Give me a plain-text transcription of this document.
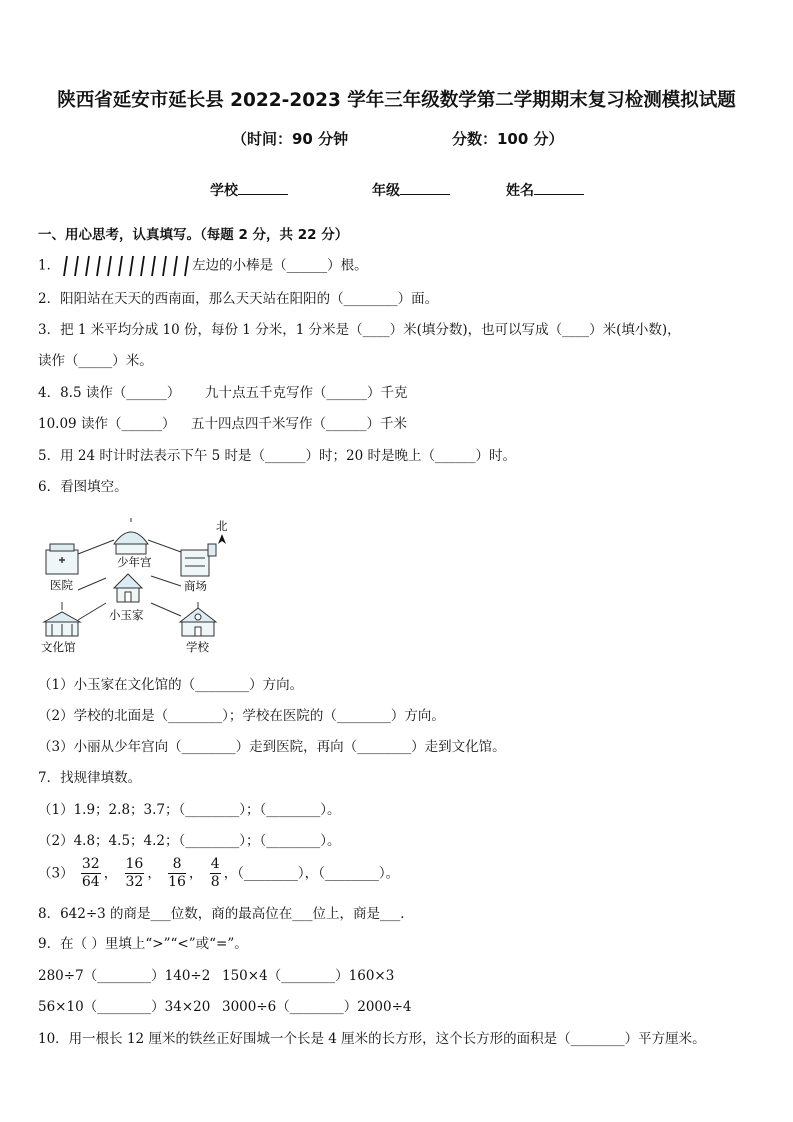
陕西省延安市延长县 2022-2023 学年三年级数学第二学期期末复习检测模拟试题
（时间：90 分钟	分数：100 分）
学校	年级	姓名
一、用心思考，认真填写。（每题 2 分，共 22 分）
1．	左边的小棒是（______）根。
2．阳阳站在天天的西南面，那么天天站在阳阳的（________）面。
3．把 1 米平均分成 10 份，每份 1 分米，1 分米是（____）米(填分数)，也可以写成（____）米(填小数)，
读作（_____）米。
4．8.5 读作（______） 九十点五千克写作（______）千克
10.09 读作（______） 五十四点四千米写作（______）千米
5．用 24 时计时法表示下午 5 时是（______）时；20 时是晚上（______）时。
6．看图填空。
少年宫
医院	商场
北
小玉家
文化馆	学校
（1）小玉家在文化馆的（________）方向。
（2）学校的北面是（________）；学校在医院的（________）方向。
（3）小丽从少年宫向（________）走到医院，再向（________）走到文化馆。
7．找规律填数。
（1）1.9；2.8；3.7；（________）；（________）。
（2）4.8；4.5；4.2；（________）；（________）。
$(3) \frac{32}{64}$ ， $\frac{16}{32}$ ， $\frac{8}{16}$ ， $\frac{4}{8}$ ，（________），（________）。
8．642÷3 的商是___位数，商的最高位在___位上，商是___．
9．在（ ）里填上“>”“<”或“=”。
280÷7（________）140÷2 150×4（________）160×3
56×10（________）34×20 3000÷6（________）2000÷4
10．用一根长 12 厘米的铁丝正好围城一个长是 4 厘米的长方形，这个长方形的面积是（________）平方厘米。
